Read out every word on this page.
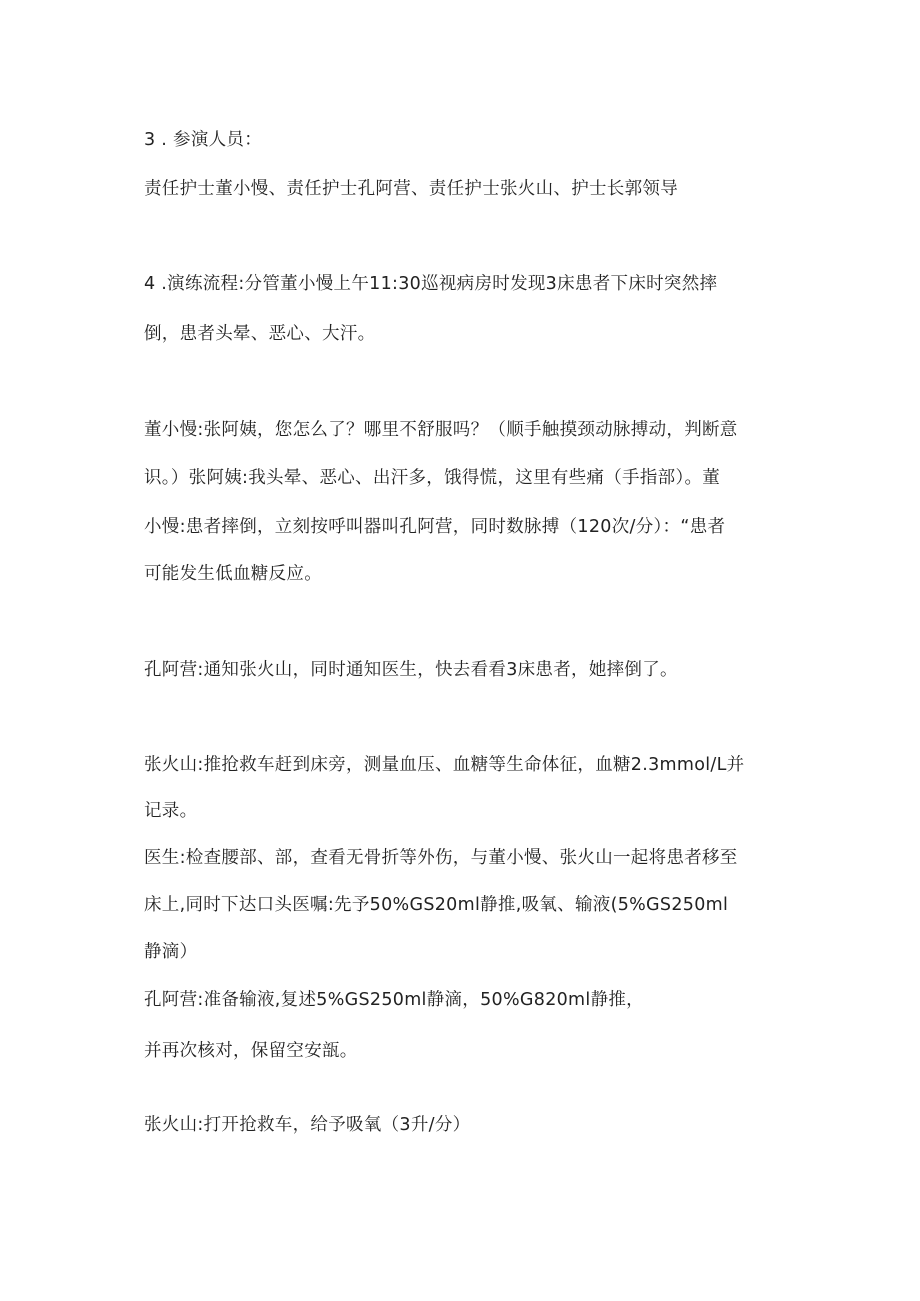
3 . 参演人员：
责任护士董小慢、责任护士孔阿营、责任护士张火山、护士长郭领导
4 .演练流程:分管董小慢上午11:30巡视病房时发现3床患者下床时突然摔
倒，患者头晕、恶心、大汗。
董小慢:张阿姨，您怎么了？哪里不舒服吗？（顺手触摸颈动脉搏动，判断意
识。）张阿姨:我头晕、恶心、出汗多，饿得慌，这里有些痛（手指部）。董
小慢:患者摔倒，立刻按呼叫器叫孔阿营，同时数脉搏（120次/分）：“患者
可能发生低血糖反应。
孔阿营:通知张火山，同时通知医生，快去看看3床患者，她摔倒了。
张火山:推抢救车赶到床旁，测量血压、血糖等生命体征，血糖2.3mmol/L并
记录。
医生:检查腰部、部，查看无骨折等外伤，与董小慢、张火山一起将患者移至
床上,同时下达口头医嘱:先予50%GS20ml静推,吸氧、输液(5%GS250ml
静滴）
孔阿营:准备输液,复述5%GS250ml静滴，50%G820ml静推，
并再次核对，保留空安瓿。
张火山:打开抢救车，给予吸氧（3升/分）
